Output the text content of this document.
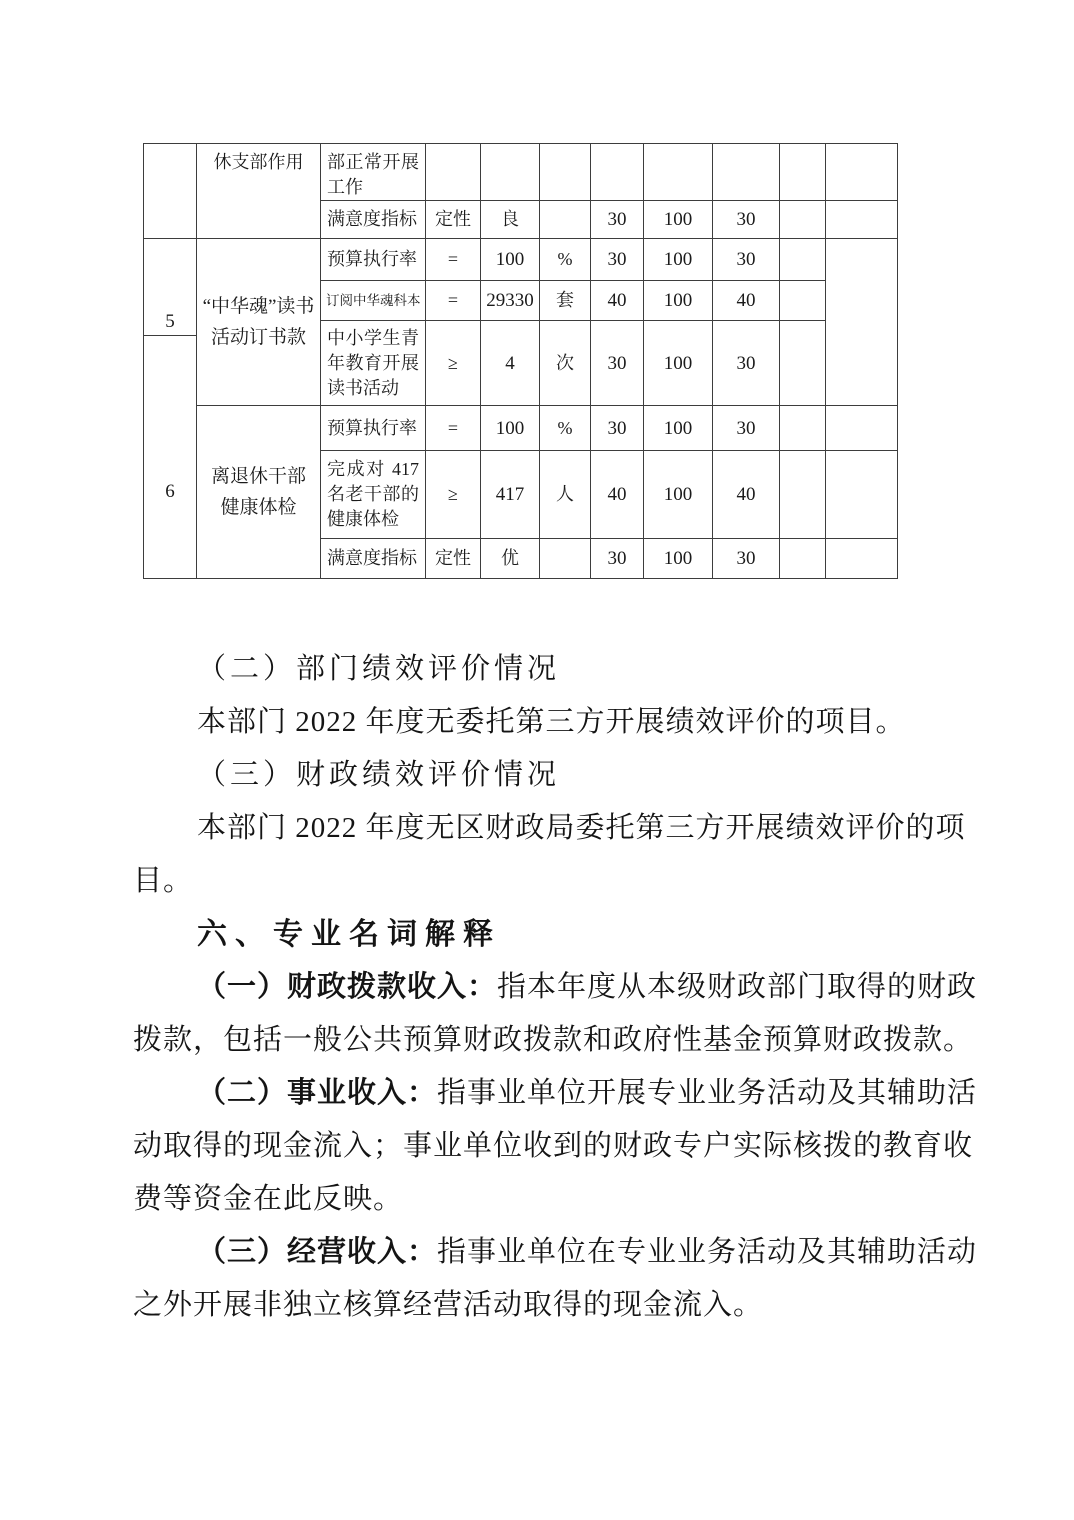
5
6
休支部作用
“中华魂”读书活动订书款
离退休干部健康体检
部正常开展工作
满意度指标 定性 良	30 100 30
预算执行率 = 100 % 30 100 30
订阅中华魂科本 = 29330 套 40 100 40
中小学生青年教育开展读书活动
≥ 4 次 30 100 30
预算执行率 = 100 % 30 100 30
完成对 417 名老干部的健康体检
≥ 417 人 40 100 40
满意度指标 定性 优	30 100 30
（二）部门绩效评价情况
本部门 2022 年度无委托第三方开展绩效评价的项目。
（三）财政绩效评价情况
本部门 2022 年度无区财政局委托第三方开展绩效评价的项
目。
六、专业名词解释
（一）财政拨款收入：指本年度从本级财政部门取得的财政
拨款，包括一般公共预算财政拨款和政府性基金预算财政拨款。
（二）事业收入：指事业单位开展专业业务活动及其辅助活
动取得的现金流入；事业单位收到的财政专户实际核拨的教育收
费等资金在此反映。
（三）经营收入：指事业单位在专业业务活动及其辅助活动
之外开展非独立核算经营活动取得的现金流入。
